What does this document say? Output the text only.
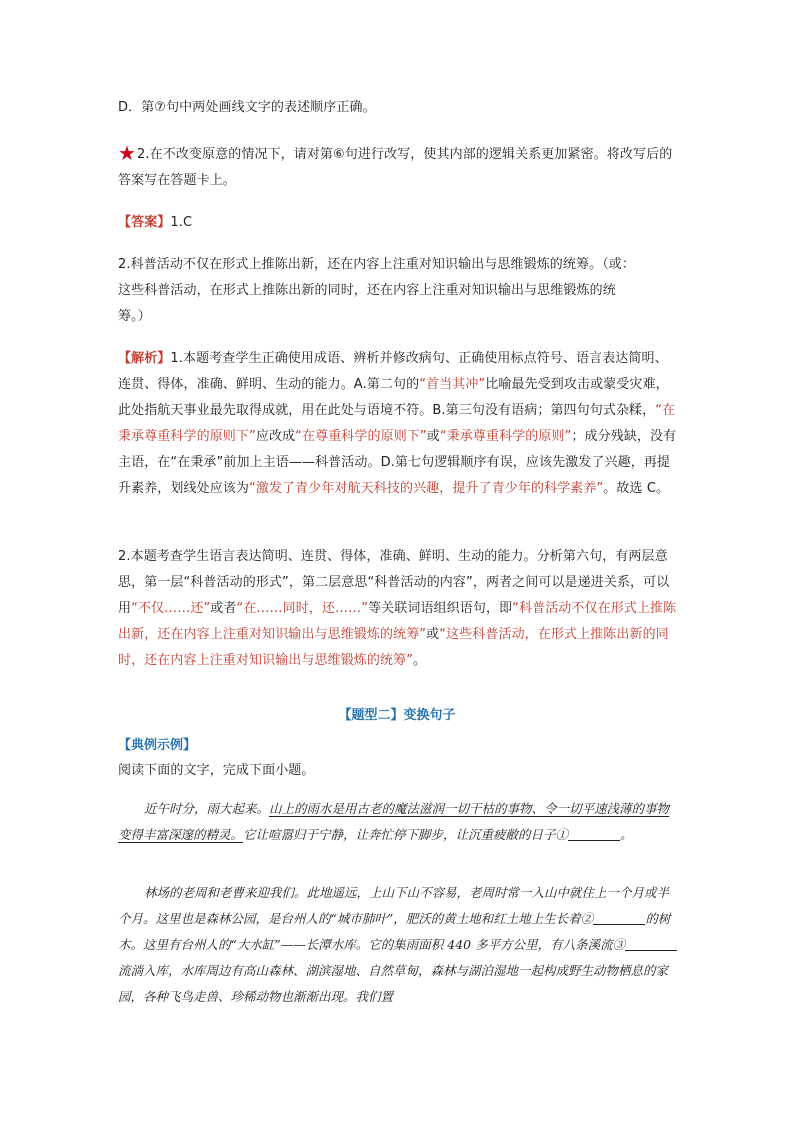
D．第⑦句中两处画线文字的表述顺序正确。

★2.在不改变原意的情况下，请对第⑥句进行改写，使其内部的逻辑关系更加紧密。将改写后的答案写在答题卡上。

【答案】1.C

2.科普活动不仅在形式上推陈出新，还在内容上注重对知识输出与思维锻炼的统筹。（或：
这些科普活动，在形式上推陈出新的同时，还在内容上注重对知识输出与思维锻炼的统
筹。）

【解析】1.本题考查学生正确使用成语、辨析并修改病句、正确使用标点符号、语言表达简明、连贯、得体，准确、鲜明、生动的能力。A.第二句的“首当其冲”比喻最先受到攻击或蒙受灾难，此处指航天事业最先取得成就，用在此处与语境不符。B.第三句没有语病；第四句句式杂糅，“在秉承尊重科学的原则下”应改成“在尊重科学的原则下”或“秉承尊重科学的原则”；成分残缺，没有主语，在“在秉承”前加上主语——科普活动。D.第七句逻辑顺序有误，应该先激发了兴趣，再提升素养，划线处应该为“激发了青少年对航天科技的兴趣，提升了青少年的科学素养”。故选 C。

2.本题考查学生语言表达简明、连贯、得体，准确、鲜明、生动的能力。分析第六句，有两层意思，第一层“科普活动的形式”，第二层意思“科普活动的内容”，两者之间可以是递进关系，可以用“不仅……还”或者“在……同时，还……”等关联词语组织语句，即“科普活动不仅在形式上推陈出新，还在内容上注重对知识输出与思维锻炼的统筹”或“这些科普活动，在形式上推陈出新的同时，还在内容上注重对知识输出与思维锻炼的统筹”。

【题型二】变换句子
【典例示例】

阅读下面的文字，完成下面小题。

近午时分，雨大起来。山上的雨水是用古老的魔法滋润一切干枯的事物、令一切平速浅薄的事物变得丰富深邃的精灵。它让喧嚣归于宁静，让奔忙停下脚步，让沉重疲敝的日子①	。

林场的老周和老曹来迎我们。此地遥远，上山下山不容易，老周时常一入山中就住上一个月或半个月。这里也是森林公园，是台州人的“城市肺叶”，肥沃的黄土地和红土地上生长着②	的树木。这里有台州人的“大水缸”——长潭水库。它的集雨面积 440 多平方公里，有八条溪流③流淌入库，水库周边有高山森林、湖滨湿地、自然草甸，森林与湖泊湿地一起构成野生动物栖息的家园，各种飞鸟走兽、珍稀动物也渐渐出现。我们置
